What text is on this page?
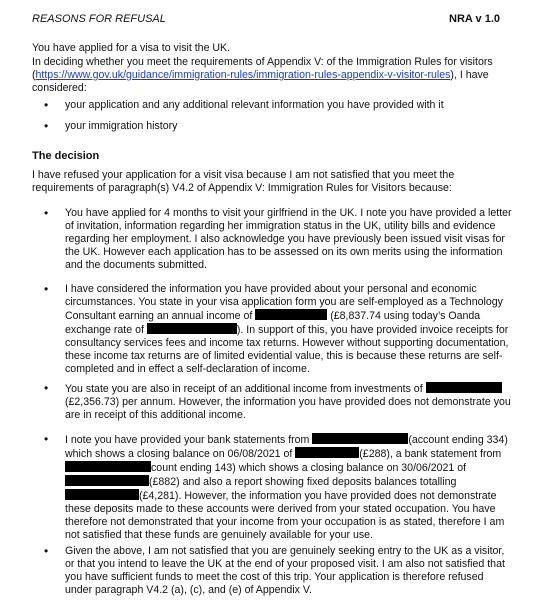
REASONS FOR REFUSAL	NRA v 1.0

You have applied for a visa to visit the UK.

In deciding whether you meet the requirements of Appendix V: of the Immigration Rules for visitors (https://www.gov.uk/guidance/immigration-rules/immigration-rules-appendix-v-visitor-rules), I have considered:

• your application and any additional relevant information you have provided with it

• your immigration history

The decision

I have refused your application for a visit visa because I am not satisfied that you meet the requirements of paragraph(s) V4.2 of Appendix V: Immigration Rules for Visitors because:

• You have applied for 4 months to visit your girlfriend in the UK. I note you have provided a letter of invitation, information regarding her immigration status in the UK, utility bills and evidence regarding her employment. I also acknowledge you have previously been issued visit visas for the UK. However each application has to be assessed on its own merits using the information and the documents submitted.

• I have considered the information you have provided about your personal and economic circumstances. You state in your visa application form you are self-employed as a Technology Consultant earning an annual income of	(£8,837.74 using today’s Oanda exchange rate of	). In support of this, you have provided invoice receipts for consultancy services fees and income tax returns. However without supporting documentation, these income tax returns are of limited evidential value, this is because these returns are self-completed and in effect a self-declaration of income.

• You state you are also in receipt of an additional income from investments of  (£2,356.73) per annum. However, the information you have provided does not demonstrate you are in receipt of this additional income.

• I note you have provided your bank statements from	(account ending 334) which shows a closing balance on 06/08/2021 of	(£288), a bank statement fromcount ending 143) which shows a closing balance on 30/06/2021 of(£882) and also a report showing fixed deposits balances totalling(£4,281). However, the information you have provided does not demonstrate these deposits made to these accounts were derived from your stated occupation. You have therefore not demonstrated that your income from your occupation is as stated, therefore I am not satisfied that these funds are genuinely available for your use.

• Given the above, I am not satisfied that you are genuinely seeking entry to the UK as a visitor, or that you intend to leave the UK at the end of your proposed visit. I am also not satisfied that you have sufficient funds to meet the cost of this trip. Your application is therefore refused under paragraph V4.2 (a), (c), and (e) of Appendix V.
